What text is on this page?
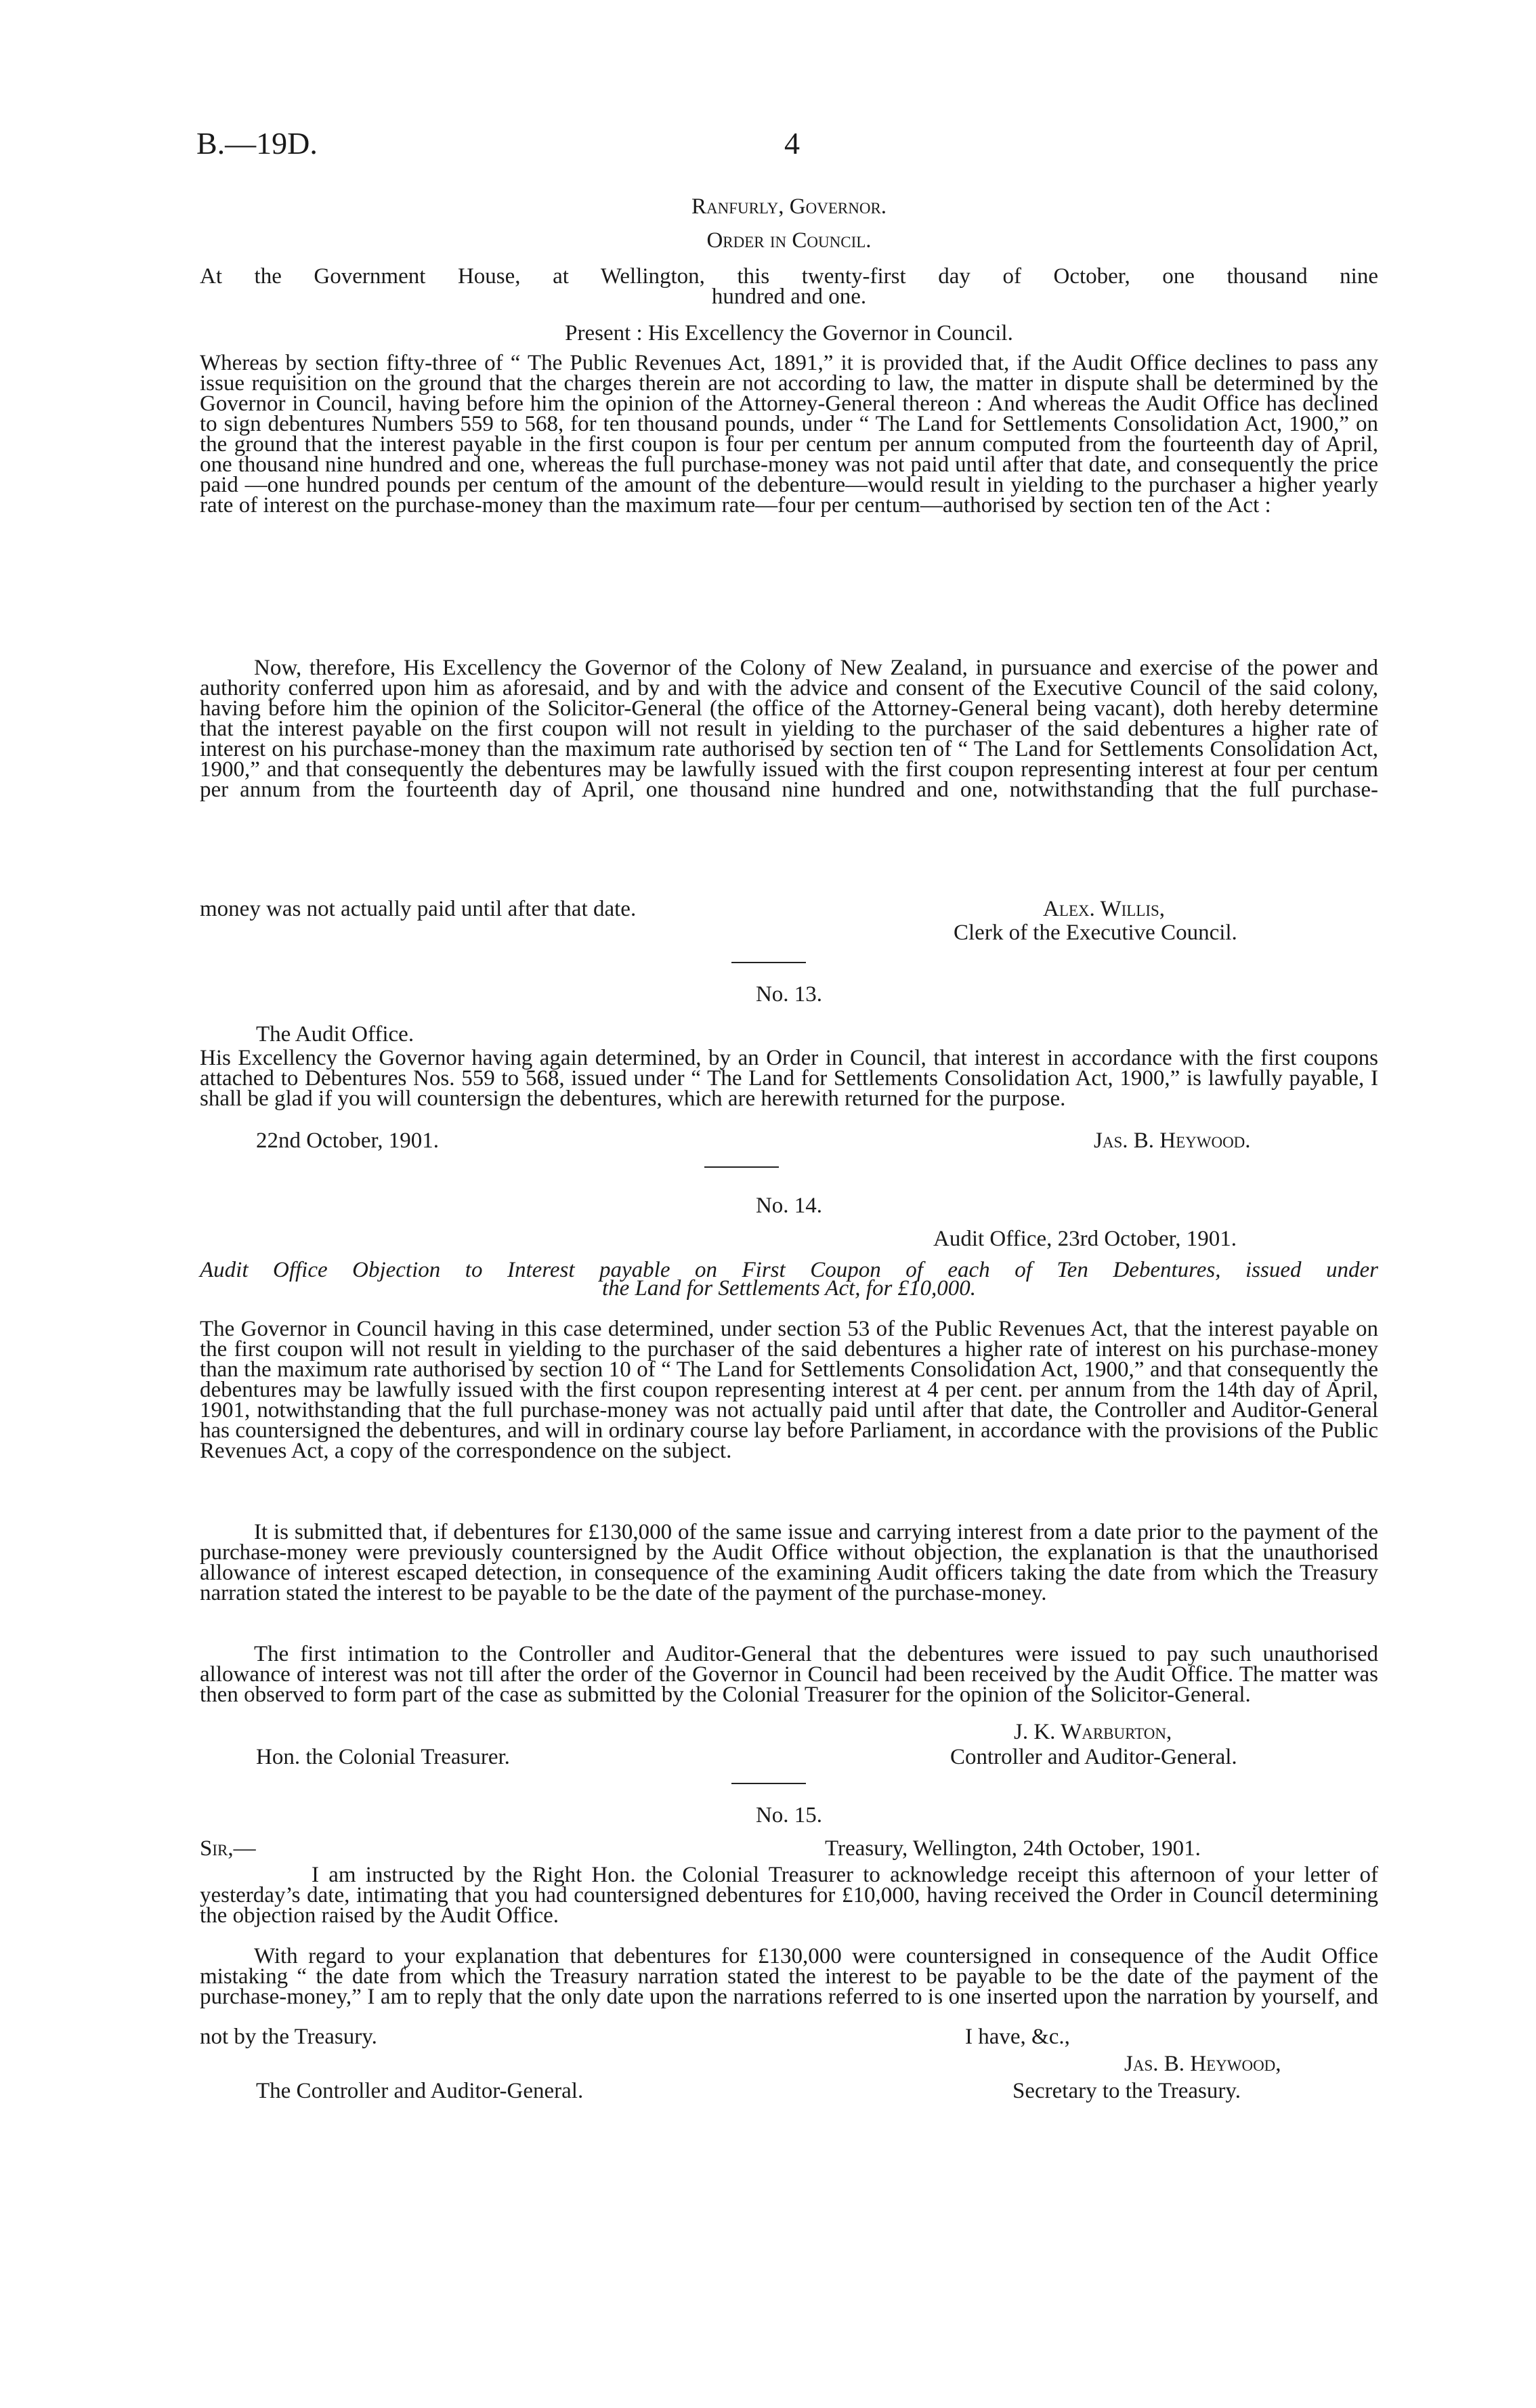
B.—19D.	4
Ranfurly, Governor.
Order in Council.
At the Government House, at Wellington, this twenty-first day of October, one thousand nine
hundred and one.
Present : His Excellency the Governor in Council.
Whereas by section fifty-three of “ The Public Revenues Act, 1891,” it is provided that, if the Audit Office declines to pass any issue requisition on the ground that the charges therein are not according to law, the matter in dispute shall be determined by the Governor in Council, having before him the opinion of the Attorney-General thereon : And whereas the Audit Office has declined to sign debentures Numbers 559 to 568, for ten thousand pounds, under “ The Land for Settlements Consolidation Act, 1900,” on the ground that the interest payable in the first coupon is four per centum per annum computed from the fourteenth day of April, one thousand nine hundred and one, whereas the full purchase-money was not paid until after that date, and consequently the price paid —one hundred pounds per centum of the amount of the debenture—would result in yielding to the purchaser a higher yearly rate of interest on the purchase-money than the maximum rate—four per centum—authorised by section ten of the Act :
Now, therefore, His Excellency the Governor of the Colony of New Zealand, in pursuance and exercise of the power and authority conferred upon him as aforesaid, and by and with the advice and consent of the Executive Council of the said colony, having before him the opinion of the Solicitor-General (the office of the Attorney-General being vacant), doth hereby determine that the interest payable on the first coupon will not result in yielding to the purchaser of the said debentures a higher rate of interest on his purchase-money than the maximum rate authorised by section ten of “ The Land for Settlements Consolidation Act, 1900,” and that consequently the debentures may be lawfully issued with the first coupon representing interest at four per centum per annum from the fourteenth day of April, one thousand nine hundred and one, notwithstanding that the full purchase-
money was not actually paid until after that date.	Alex. Willis,
Clerk of the Executive Council.
No. 13.
The Audit Office.
His Excellency the Governor having again determined, by an Order in Council, that interest in accordance with the first coupons attached to Debentures Nos. 559 to 568, issued under “ The Land for Settlements Consolidation Act, 1900,” is lawfully payable, I shall be glad if you will countersign the debentures, which are herewith returned for the purpose.
22nd October, 1901.	Jas. B. Heywood.
No. 14.
Audit Office, 23rd October, 1901.
Audit Office Objection to Interest payable on First Coupon of each of Ten Debentures, issued under
the Land for Settlements Act, for £10,000.
The Governor in Council having in this case determined, under section 53 of the Public Revenues Act, that the interest payable on the first coupon will not result in yielding to the purchaser of the said debentures a higher rate of interest on his purchase-money than the maximum rate authorised by section 10 of “ The Land for Settlements Consolidation Act, 1900,” and that consequently the debentures may be lawfully issued with the first coupon representing interest at 4 per cent. per annum from the 14th day of April, 1901, notwithstanding that the full purchase-money was not actually paid until after that date, the Controller and Auditor-General has countersigned the debentures, and will in ordinary course lay before Parliament, in accordance with the provisions of the Public Revenues Act, a copy of the correspondence on the subject.
It is submitted that, if debentures for £130,000 of the same issue and carrying interest from a date prior to the payment of the purchase-money were previously countersigned by the Audit Office without objection, the explanation is that the unauthorised allowance of interest escaped detection, in consequence of the examining Audit officers taking the date from which the Treasury narration stated the interest to be payable to be the date of the payment of the purchase-money.
The first intimation to the Controller and Auditor-General that the debentures were issued to pay such unauthorised allowance of interest was not till after the order of the Governor in Council had been received by the Audit Office. The matter was then observed to form part of the case as submitted by the Colonial Treasurer for the opinion of the Solicitor-General.
J. K. Warburton,
Hon. the Colonial Treasurer.	Controller and Auditor-General.
No. 15.
Sir,—	Treasury, Wellington, 24th October, 1901.
I am instructed by the Right Hon. the Colonial Treasurer to acknowledge receipt this afternoon of your letter of yesterday’s date, intimating that you had countersigned debentures for £10,000, having received the Order in Council determining the objection raised by the Audit Office.
With regard to your explanation that debentures for £130,000 were countersigned in consequence of the Audit Office mistaking “ the date from which the Treasury narration stated the interest to be payable to be the date of the payment of the purchase-money,” I am to reply that the only date upon the narrations referred to is one inserted upon the narration by yourself, and
not by the Treasury.	I have, &c.,
Jas. B. Heywood,
The Controller and Auditor-General.	Secretary to the Treasury.
